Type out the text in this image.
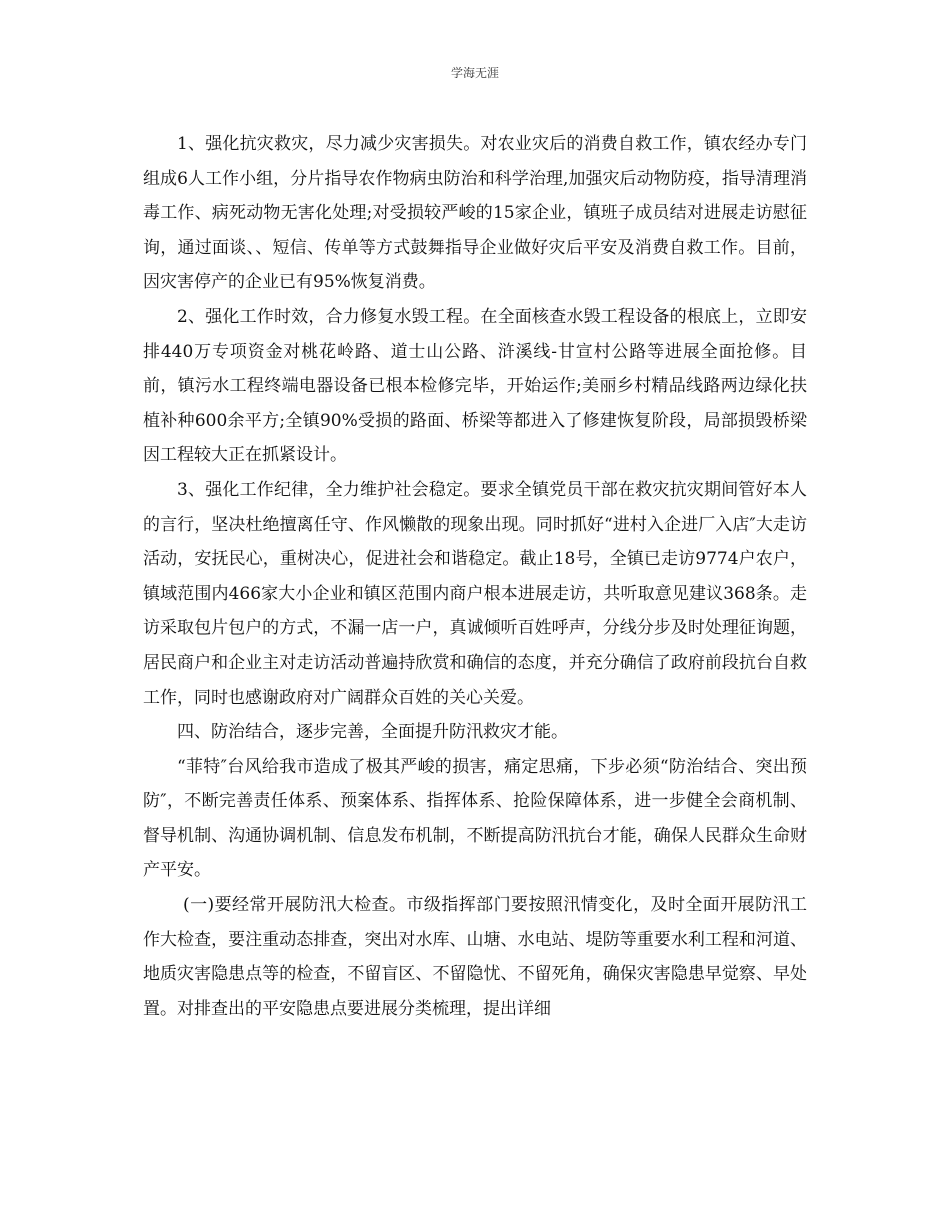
学海无涯

1、强化抗灾救灾，尽力减少灾害损失。对农业灾后的消费自救工作，镇农经办专门组成6人工作小组，分片指导农作物病虫防治和科学治理,加强灾后动物防疫，指导清理消毒工作、病死动物无害化处理;对受损较严峻的15家企业，镇班子成员结对进展走访慰征询，通过面谈、、短信、传单等方式鼓舞指导企业做好灾后平安及消费自救工作。目前，因灾害停产的企业已有95%恢复消费。

2、强化工作时效，合力修复水毁工程。在全面核查水毁工程设备的根底上，立即安排440万专项资金对桃花岭路、道士山公路、浒溪线-甘宣村公路等进展全面抢修。目前，镇污水工程终端电器设备已根本检修完毕，开始运作;美丽乡村精品线路两边绿化扶植补种600余平方;全镇90%受损的路面、桥梁等都进入了修建恢复阶段，局部损毁桥梁因工程较大正在抓紧设计。

3、强化工作纪律，全力维护社会稳定。要求全镇党员干部在救灾抗灾期间管好本人的言行，坚决杜绝擅离任守、作风懒散的现象出现。同时抓好“进村入企进厂入店″大走访活动，安抚民心，重树决心，促进社会和谐稳定。截止18号，全镇已走访9774户农户，镇域范围内466家大小企业和镇区范围内商户根本进展走访，共听取意见建议368条。走访采取包片包户的方式，不漏一店一户，真诚倾听百姓呼声，分线分步及时处理征询题，居民商户和企业主对走访活动普遍持欣赏和确信的态度，并充分确信了政府前段抗台自救工作，同时也感谢政府对广阔群众百姓的关心关爱。

四、防治结合，逐步完善，全面提升防汛救灾才能。

“菲特″台风给我市造成了极其严峻的损害，痛定思痛，下步必须“防治结合、突出预防″，不断完善责任体系、预案体系、指挥体系、抢险保障体系，进一步健全会商机制、督导机制、沟通协调机制、信息发布机制，不断提高防汛抗台才能，确保人民群众生命财产平安。

(一)要经常开展防汛大检查。市级指挥部门要按照汛情变化，及时全面开展防汛工作大检查，要注重动态排查，突出对水库、山塘、水电站、堤防等重要水利工程和河道、地质灾害隐患点等的检查，不留盲区、不留隐忧、不留死角，确保灾害隐患早觉察、早处置。对排查出的平安隐患点要进展分类梳理，提出详细
